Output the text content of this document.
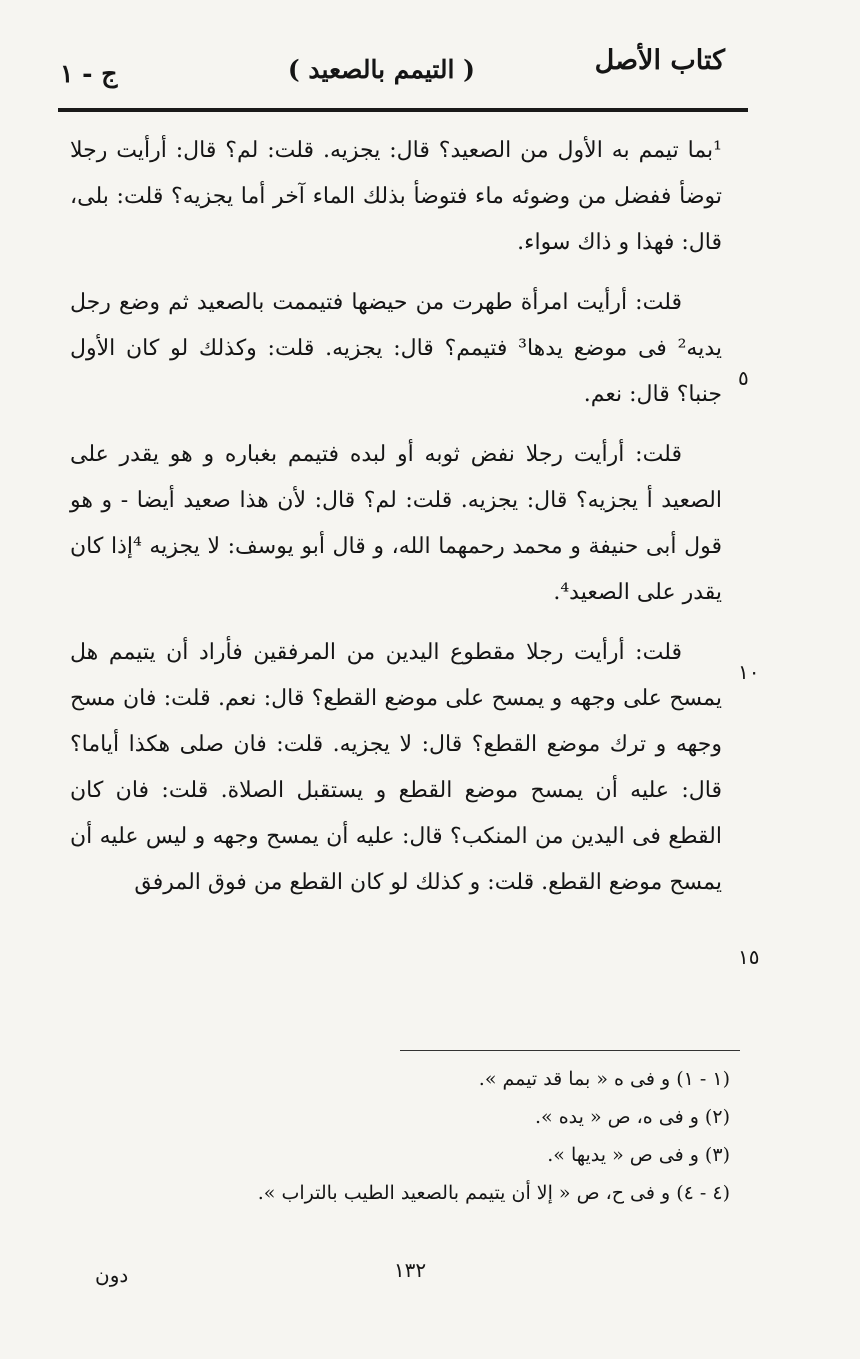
كتاب الأصل
( التيمم بالصعيد )
ج - ١

¹بما تيمم به الأول من الصعيد؟ قال: يجزيه. قلت: لم؟ قال: أرأيت رجلا توضأ ففضل من وضوئه ماء فتوضأ بذلك الماء آخر أما يجزيه؟ قلت: بلى، قال: فهذا و ذاك سواء.

قلت: أرأيت امرأة طهرت من حيضها فتيممت بالصعيد ثم وضع رجل يديه² فى موضع يدها³ فتيمم؟ قال: يجزيه. قلت: وكذلك لو كان الأول جنبا؟ قال: نعم.

قلت: أرأيت رجلا نفض ثوبه أو لبده فتيمم بغباره و هو يقدر على الصعيد أ يجزيه؟ قال: يجزيه. قلت: لم؟ قال: لأن هذا صعيد أيضا - و هو قول أبى حنيفة و محمد رحمهما الله، و قال أبو يوسف: لا يجزيه ⁴إذا كان يقدر على الصعيد⁴.

قلت: أرأيت رجلا مقطوع اليدين من المرفقين فأراد أن يتيمم هل يمسح على وجهه و يمسح على موضع القطع؟ قال: نعم. قلت: فان مسح وجهه و ترك موضع القطع؟ قال: لا يجزيه. قلت: فان صلى هكذا أياما؟ قال: عليه أن يمسح موضع القطع و يستقبل الصلاة. قلت: فان كان القطع فى اليدين من المنكب؟ قال: عليه أن يمسح وجهه و ليس عليه أن يمسح موضع القطع. قلت: و كذلك لو كان القطع من فوق المرفق

٥
١٠
١٥
(١ - ١) و فى ه « بما قد تيمم ».
(٢) و فى ه، ص « يده ».
(٣) و فى ص « يديها ».
(٤ - ٤) و فى ح، ص « إلا أن يتيمم بالصعيد الطيب بالتراب ».
١٣٢
دون
